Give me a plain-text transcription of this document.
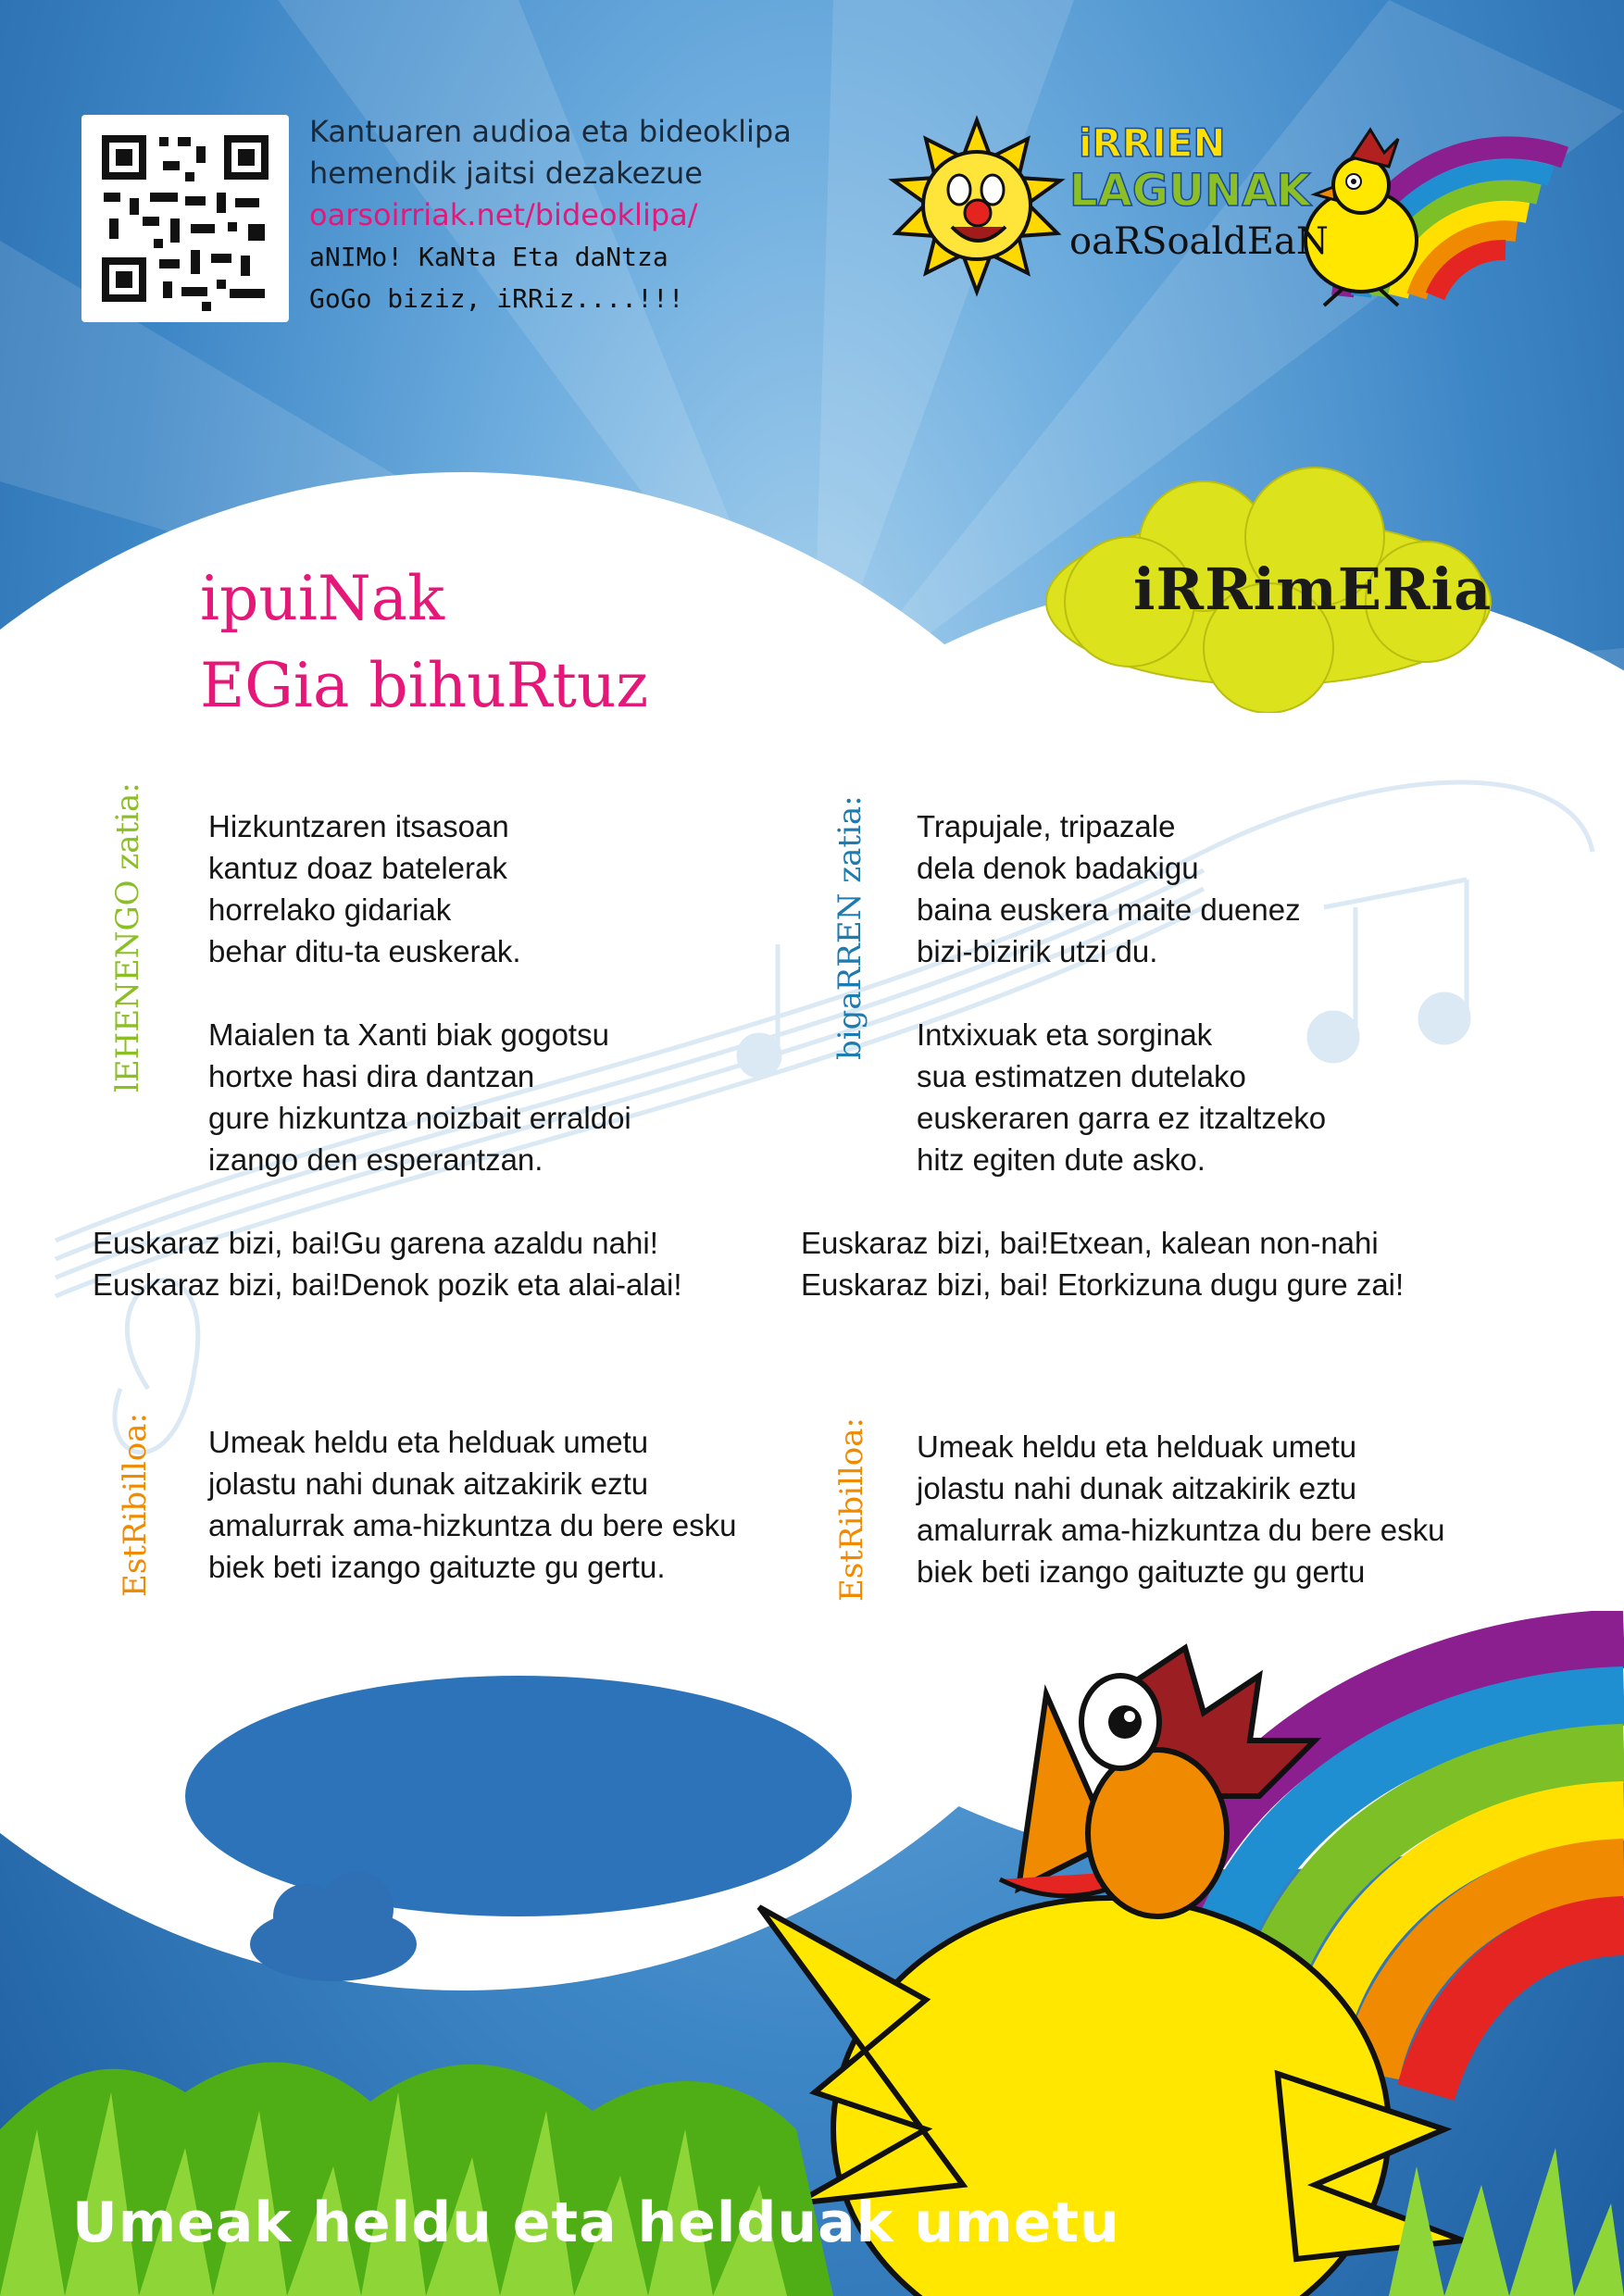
Kantuaren audioa eta bideoklipa
hemendik jaitsi dezakezue
oarsoirriak.net/bideoklipa/
aNIMo! KaNta Eta daNtza
GoGo biziz, iRRiz....!!!
iRRIEN
LAGUNAK
oaRSoaldEaN
ipuiNak
EGia bihuRtuz
iRRimERia
lEHENENGO zatia: Hizkuntzaren itsasoan
kantuz doaz batelerak
horrelako gidariak
behar ditu-ta euskerak.
Maialen ta Xanti biak gogotsu
hortxe hasi dira dantzan
gure hizkuntza noizbait erraldoi
izango den esperantzan.
Euskaraz bizi, bai!Gu garena azaldu nahi!
Euskaraz bizi, bai!Denok pozik eta alai-alai!
EstRibilloa: Umeak heldu eta helduak umetu
jolastu nahi dunak aitzakirik eztu
amalurrak ama-hizkuntza du bere esku
biek beti izango gaituzte gu gertu.
bigaRREN zatia: Trapujale, tripazale
dela denok badakigu
baina euskera maite duenez
bizi-bizirik utzi du.
Intxixuak eta sorginak
sua estimatzen dutelako
euskeraren garra ez itzaltzeko
hitz egiten dute asko.
Euskaraz bizi, bai!Etxean, kalean non-nahi
Euskaraz bizi, bai! Etorkizuna dugu gure zai!
EstRibilloa: Umeak heldu eta helduak umetu
jolastu nahi dunak aitzakirik eztu
amalurrak ama-hizkuntza du bere esku
biek beti izango gaituzte gu gertu
Umeak heldu eta helduak umetu
